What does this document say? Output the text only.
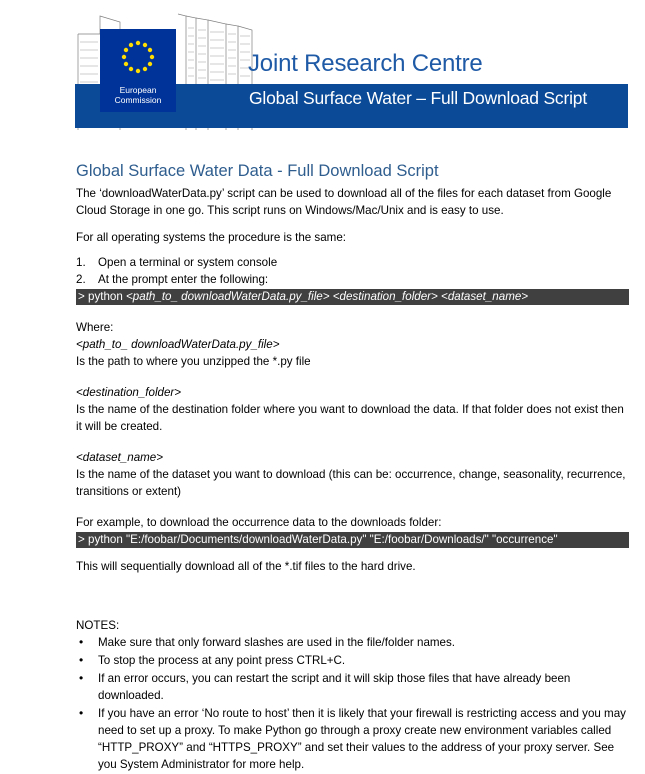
Global Surface Water – Full Download Script
European
Commission
Joint Research Centre
Global Surface Water Data - Full Download Script

The ‘downloadWaterData.py’ script can be used to download all of the files for each dataset from Google Cloud Storage in one go. This script runs on Windows/Mac/Unix and is easy to use.

For all operating systems the procedure is the same:

1. Open a terminal or system console
2. At the prompt enter the following:
> python <path_to_ downloadWaterData.py_file> <destination_folder> <dataset_name>

Where:

<path_to_ downloadWaterData.py_file>

Is the path to where you unzipped the *.py file

<destination_folder>

Is the name of the destination folder where you want to download the data. If that folder does not exist then it will be created.

<dataset_name>

Is the name of the dataset you want to download (this can be: occurrence, change, seasonality, recurrence, transitions or extent)

For example, to download the occurrence data to the downloads folder:

> python "E:/foobar/Documents/downloadWaterData.py" "E:/foobar/Downloads/" "occurrence"

This will sequentially download all of the *.tif files to the hard drive.

NOTES:

• Make sure that only forward slashes are used in the file/folder names.
• To stop the process at any point press CTRL+C.
• If an error occurs, you can restart the script and it will skip those files that have already been downloaded.
• If you have an error ‘No route to host’ then it is likely that your firewall is restricting access and you may need to set up a proxy. To make Python go through a proxy create new environment variables called “HTTP_PROXY” and “HTTPS_PROXY” and set their values to the address of your proxy server. See you System Administrator for more help.
